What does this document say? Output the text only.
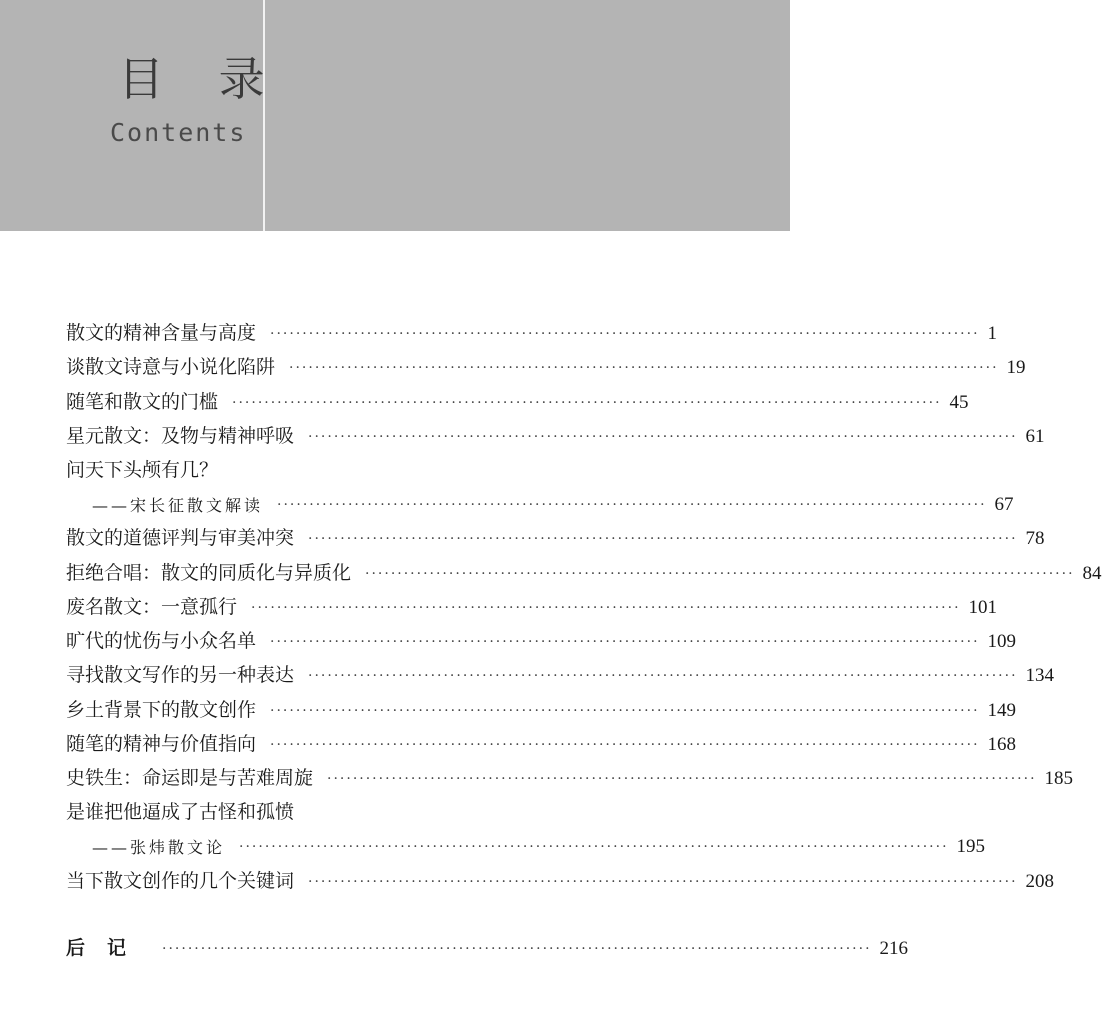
目 录
Contents
散文的精神含量与高度 ·············································································································· 1
谈散文诗意与小说化陷阱 ·············································································································· 19
随笔和散文的门槛 ·············································································································· 45
星元散文：及物与精神呼吸 ·············································································································· 61
问天下头颅有几？
——宋长征散文解读 ·············································································································· 67
散文的道德评判与审美冲突 ·············································································································· 78
拒绝合唱：散文的同质化与异质化 ·············································································································· 84
废名散文：一意孤行 ·············································································································· 101
旷代的忧伤与小众名单 ·············································································································· 109
寻找散文写作的另一种表达 ·············································································································· 134
乡土背景下的散文创作 ·············································································································· 149
随笔的精神与价值指向 ·············································································································· 168
史铁生：命运即是与苦难周旋 ·············································································································· 185
是谁把他逼成了古怪和孤愤
——张炜散文论 ·············································································································· 195
当下散文创作的几个关键词 ·············································································································· 208
后记 ·············································································································· 216
